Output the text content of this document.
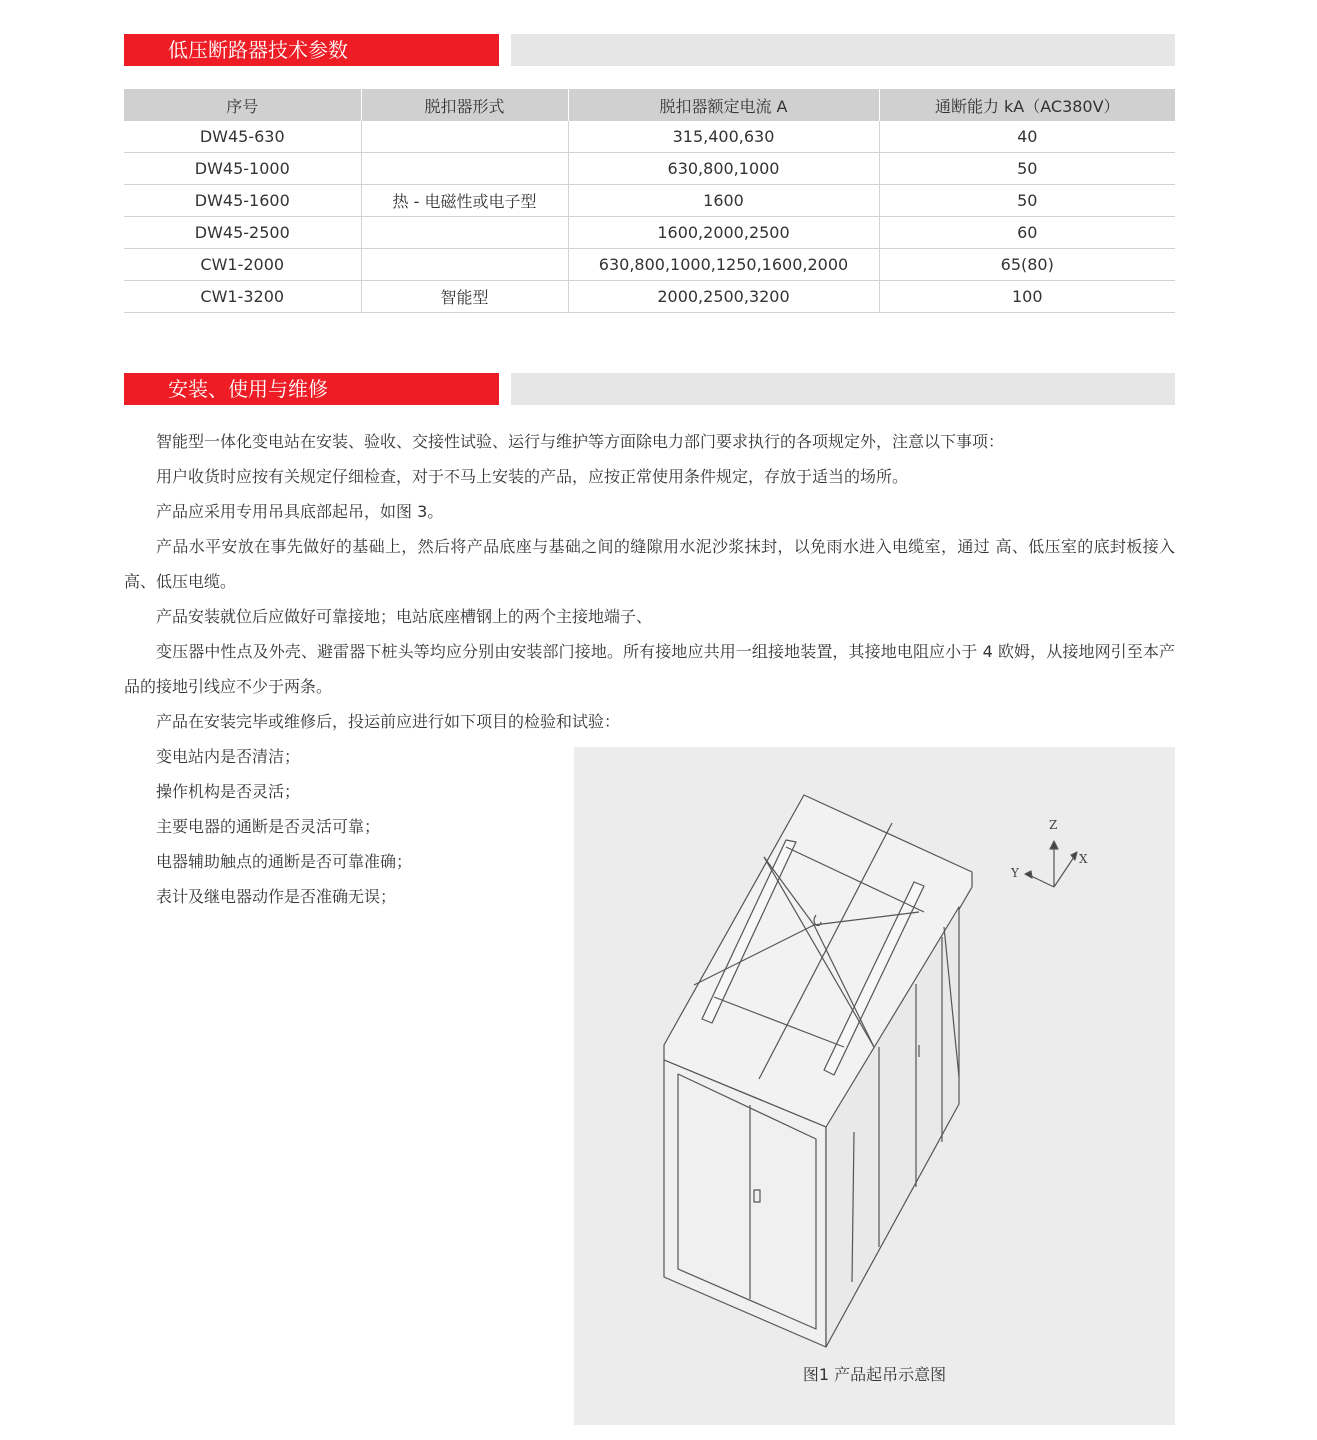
低压断路器技术参数
序号	脱扣器形式	脱扣器额定电流 A	通断能力 kA（AC380V）
DW45-630		315,400,630	40
DW45-1000		630,800,1000	50
DW45-1600	热 - 电磁性或电子型	1600	50
DW45-2500		1600,2000,2500	60
CW1-2000		630,800,1000,1250,1600,2000	65(80)
CW1-3200	智能型	2000,2500,3200	100
安装、使用与维修

智能型一体化变电站在安装、验收、交接性试验、运行与维护等方面除电力部门要求执行的各项规定外，注意以下事项：

用户收货时应按有关规定仔细检查，对于不马上安装的产品，应按正常使用条件规定，存放于适当的场所。

产品应采用专用吊具底部起吊，如图 3。

产品水平安放在事先做好的基础上，然后将产品底座与基础之间的缝隙用水泥沙浆抹封，以免雨水进入电缆室，通过 高、低压室的底封板接入高、低压电缆。

产品安装就位后应做好可靠接地；电站底座槽钢上的两个主接地端子、

变压器中性点及外壳、避雷器下桩头等均应分别由安装部门接地。所有接地应共用一组接地装置，其接地电阻应小于 4 欧姆，从接地网引至本产品的接地引线应不少于两条。

产品在安装完毕或维修后，投运前应进行如下项目的检验和试验：

变电站内是否清洁；

操作机构是否灵活；

主要电器的通断是否灵活可靠；

电器辅助触点的通断是否可靠准确；

表计及继电器动作是否准确无误；

Z
X
Y
图1 产品起吊示意图
